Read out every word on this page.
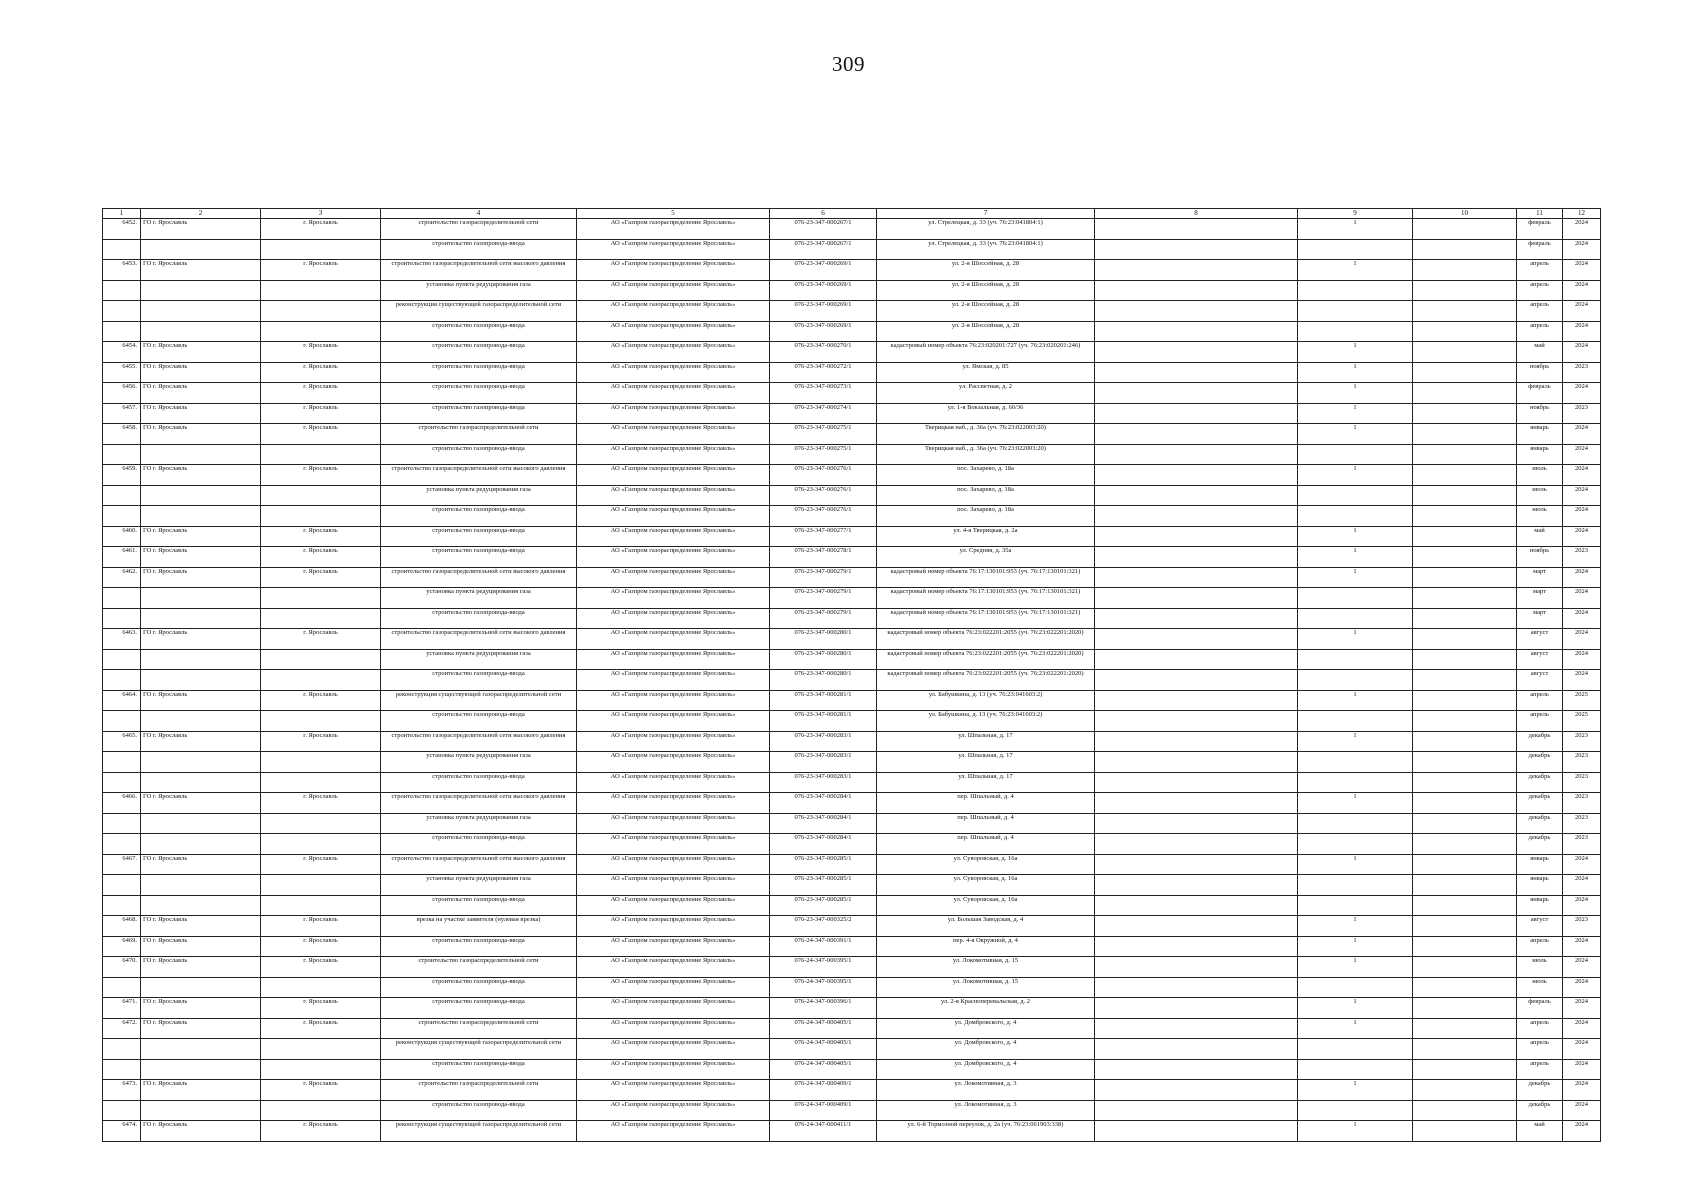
309
1	2	3	4	5	6	7	8	9	10	11	12
6452.	ГО г. Ярославль	г. Ярославль	строительство газораспределительной сети	АО «Газпром газораспределение Ярославль»	076-23-347-000267/1	ул. Стрелецкая, д. 33 (уч. 76:23:041804:1)		1		февраль	2024
			строительство газопровода-ввода	АО «Газпром газораспределение Ярославль»	076-23-347-000267/1	ул. Стрелецкая, д. 33 (уч. 76:23:041804:1)				февраль	2024
6453.	ГО г. Ярославль	г. Ярославль	строительство газораспределительной сети высокого давления	АО «Газпром газораспределение Ярославль»	076-23-347-000269/1	ул. 2-я Шоссейная, д. 28		1		апрель	2024
			установка пункта редуцирования газа	АО «Газпром газораспределение Ярославль»	076-23-347-000269/1	ул. 2-я Шоссейная, д. 28				апрель	2024
			реконструкция существующей газораспределительной сети	АО «Газпром газораспределение Ярославль»	076-23-347-000269/1	ул. 2-я Шоссейная, д. 28				апрель	2024
			строительство газопровода-ввода	АО «Газпром газораспределение Ярославль»	076-23-347-000269/1	ул. 2-я Шоссейная, д. 28				апрель	2024
6454.	ГО г. Ярославль	г. Ярославль	строительство газопровода-ввода	АО «Газпром газораспределение Ярославль»	076-23-347-000270/1	кадастровый номер объекта 76:23:020201:727 (уч. 76:23:020201:246)		1		май	2024
6455.	ГО г. Ярославль	г. Ярославль	строительство газопровода-ввода	АО «Газпром газораспределение Ярославль»	076-23-347-000272/1	ул. Ямская, д. 85		1		ноябрь	2023
6456.	ГО г. Ярославль	г. Ярославль	строительство газопровода-ввода	АО «Газпром газораспределение Ярославль»	076-23-347-000273/1	ул. Рассветная, д. 2		1		февраль	2024
6457.	ГО г. Ярославль	г. Ярославль	строительство газопровода-ввода	АО «Газпром газораспределение Ярославль»	076-23-347-000274/1	ул. 1-я Вокзальная, д. 60/36		1		ноябрь	2023
6458.	ГО г. Ярославль	г. Ярославль	строительство газораспределительной сети	АО «Газпром газораспределение Ярославль»	076-23-347-000275/1	Тверицкая наб., д. 36а (уч. 76:23:022003:20)		1		январь	2024
			строительство газопровода-ввода	АО «Газпром газораспределение Ярославль»	076-23-347-000275/1	Тверицкая наб., д. 36а (уч. 76:23:022003:20)				январь	2024
6459.	ГО г. Ярославль	г. Ярославль	строительство газораспределительной сети высокого давления	АО «Газпром газораспределение Ярославль»	076-23-347-000276/1	пос. Захарево, д. 18а		1		июль	2024
			установка пункта редуцирования газа	АО «Газпром газораспределение Ярославль»	076-23-347-000276/1	пос. Захарево, д. 18а				июль	2024
			строительство газопровода-ввода	АО «Газпром газораспределение Ярославль»	076-23-347-000276/1	пос. Захарево, д. 18а				июль	2024
6460.	ГО г. Ярославль	г. Ярославль	строительство газопровода-ввода	АО «Газпром газораспределение Ярославль»	076-23-347-000277/1	ул. 4-я Тверицкая, д. 2а		1		май	2024
6461.	ГО г. Ярославль	г. Ярославль	строительство газопровода-ввода	АО «Газпром газораспределение Ярославль»	076-23-347-000278/1	ул. Средняя, д. 35а		1		ноябрь	2023
6462.	ГО г. Ярославль	г. Ярославль	строительство газораспределительной сети высокого давления	АО «Газпром газораспределение Ярославль»	076-23-347-000279/1	кадастровый номер объекта 76:17:130101:953 (уч. 76:17:130101:321)		1		март	2024
			установка пункта редуцирования газа	АО «Газпром газораспределение Ярославль»	076-23-347-000279/1	кадастровый номер объекта 76:17:130101:953 (уч. 76:17:130101:321)				март	2024
			строительство газопровода-ввода	АО «Газпром газораспределение Ярославль»	076-23-347-000279/1	кадастровый номер объекта 76:17:130101:953 (уч. 76:17:130101:321)				март	2024
6463.	ГО г. Ярославль	г. Ярославль	строительство газораспределительной сети высокого давления	АО «Газпром газораспределение Ярославль»	076-23-347-000280/1	кадастровый номер объекта 76:23:022201:2055 (уч. 76:23:022201:2020)		1		август	2024
			установка пункта редуцирования газа	АО «Газпром газораспределение Ярославль»	076-23-347-000280/1	кадастровый номер объекта 76:23:022201:2055 (уч. 76:23:022201:2020)				август	2024
			строительство газопровода-ввода	АО «Газпром газораспределение Ярославль»	076-23-347-000280/1	кадастровый номер объекта 76:23:022201:2055 (уч. 76:23:022201:2020)				август	2024
6464.	ГО г. Ярославль	г. Ярославль	реконструкция существующей газораспределительной сети	АО «Газпром газораспределение Ярославль»	076-23-347-000281/1	ул. Бабушкина, д. 13 (уч. 76:23:041603:2)		1		апрель	2025
			строительство газопровода-ввода	АО «Газпром газораспределение Ярославль»	076-23-347-000281/1	ул. Бабушкина, д. 13 (уч. 76:23:041603:2)				апрель	2025
6465.	ГО г. Ярославль	г. Ярославль	строительство газораспределительной сети высокого давления	АО «Газпром газораспределение Ярославль»	076-23-347-000283/1	ул. Шпальная, д. 17		1		декабрь	2023
			установка пункта редуцирования газа	АО «Газпром газораспределение Ярославль»	076-23-347-000283/1	ул. Шпальная, д. 17				декабрь	2023
			строительство газопровода-ввода	АО «Газпром газораспределение Ярославль»	076-23-347-000283/1	ул. Шпальная, д. 17				декабрь	2023
6466.	ГО г. Ярославль	г. Ярославль	строительство газораспределительной сети высокого давления	АО «Газпром газораспределение Ярославль»	076-23-347-000284/1	пер. Шпальный, д. 4		1		декабрь	2023
			установка пункта редуцирования газа	АО «Газпром газораспределение Ярославль»	076-23-347-000284/1	пер. Шпальный, д. 4				декабрь	2023
			строительство газопровода-ввода	АО «Газпром газораспределение Ярославль»	076-23-347-000284/1	пер. Шпальный, д. 4				декабрь	2023
6467.	ГО г. Ярославль	г. Ярославль	строительство газораспределительной сети высокого давления	АО «Газпром газораспределение Ярославль»	076-23-347-000285/1	ул. Суворовская, д. 16а		1		январь	2024
			установка пункта редуцирования газа	АО «Газпром газораспределение Ярославль»	076-23-347-000285/1	ул. Суворовская, д. 16а				январь	2024
			строительство газопровода-ввода	АО «Газпром газораспределение Ярославль»	076-23-347-000285/1	ул. Суворовская, д. 16а				январь	2024
6468.	ГО г. Ярославль	г. Ярославль	врезка на участке заявителя (нулевая врезка)	АО «Газпром газораспределение Ярославль»	076-23-347-000325/2	ул. Большая Заводская, д. 4		1		август	2023
6469.	ГО г. Ярославль	г. Ярославль	строительство газопровода-ввода	АО «Газпром газораспределение Ярославль»	076-24-347-000391/1	пер. 4-я Окружной, д. 4		1		апрель	2024
6470.	ГО г. Ярославль	г. Ярославль	строительство газораспределительной сети	АО «Газпром газораспределение Ярославль»	076-24-347-000395/1	ул. Локомотивная, д. 15		1		июль	2024
			строительство газопровода-ввода	АО «Газпром газораспределение Ярославль»	076-24-347-000395/1	ул. Локомотивная, д. 15				июль	2024
6471.	ГО г. Ярославль	г. Ярославль	строительство газопровода-ввода	АО «Газпром газораспределение Ярославль»	076-24-347-000396/1	ул. 2-я Красноперевальская, д. 2		1		февраль	2024
6472.	ГО г. Ярославль	г. Ярославль	строительство газораспределительной сети	АО «Газпром газораспределение Ярославль»	076-24-347-000405/1	ул. Домбровского, д. 4		1		апрель	2024
			реконструкция существующей газораспределительной сети	АО «Газпром газораспределение Ярославль»	076-24-347-000405/1	ул. Домбровского, д. 4				апрель	2024
			строительство газопровода-ввода	АО «Газпром газораспределение Ярославль»	076-24-347-000405/1	ул. Домбровского, д. 4				апрель	2024
6473.	ГО г. Ярославль	г. Ярославль	строительство газораспределительной сети	АО «Газпром газораспределение Ярославль»	076-24-347-000409/1	ул. Локомотивная, д. 3		1		декабрь	2024
			строительство газопровода-ввода	АО «Газпром газораспределение Ярославль»	076-24-347-000409/1	ул. Локомотивная, д. 3				декабрь	2024
6474.	ГО г. Ярославль	г. Ярославль	реконструкция существующей газораспределительной сети	АО «Газпром газораспределение Ярославль»	076-24-347-000411/1	ул. 6-й Тормозной переулок, д. 2а (уч. 76:23:061903:338)		1		май	2024
